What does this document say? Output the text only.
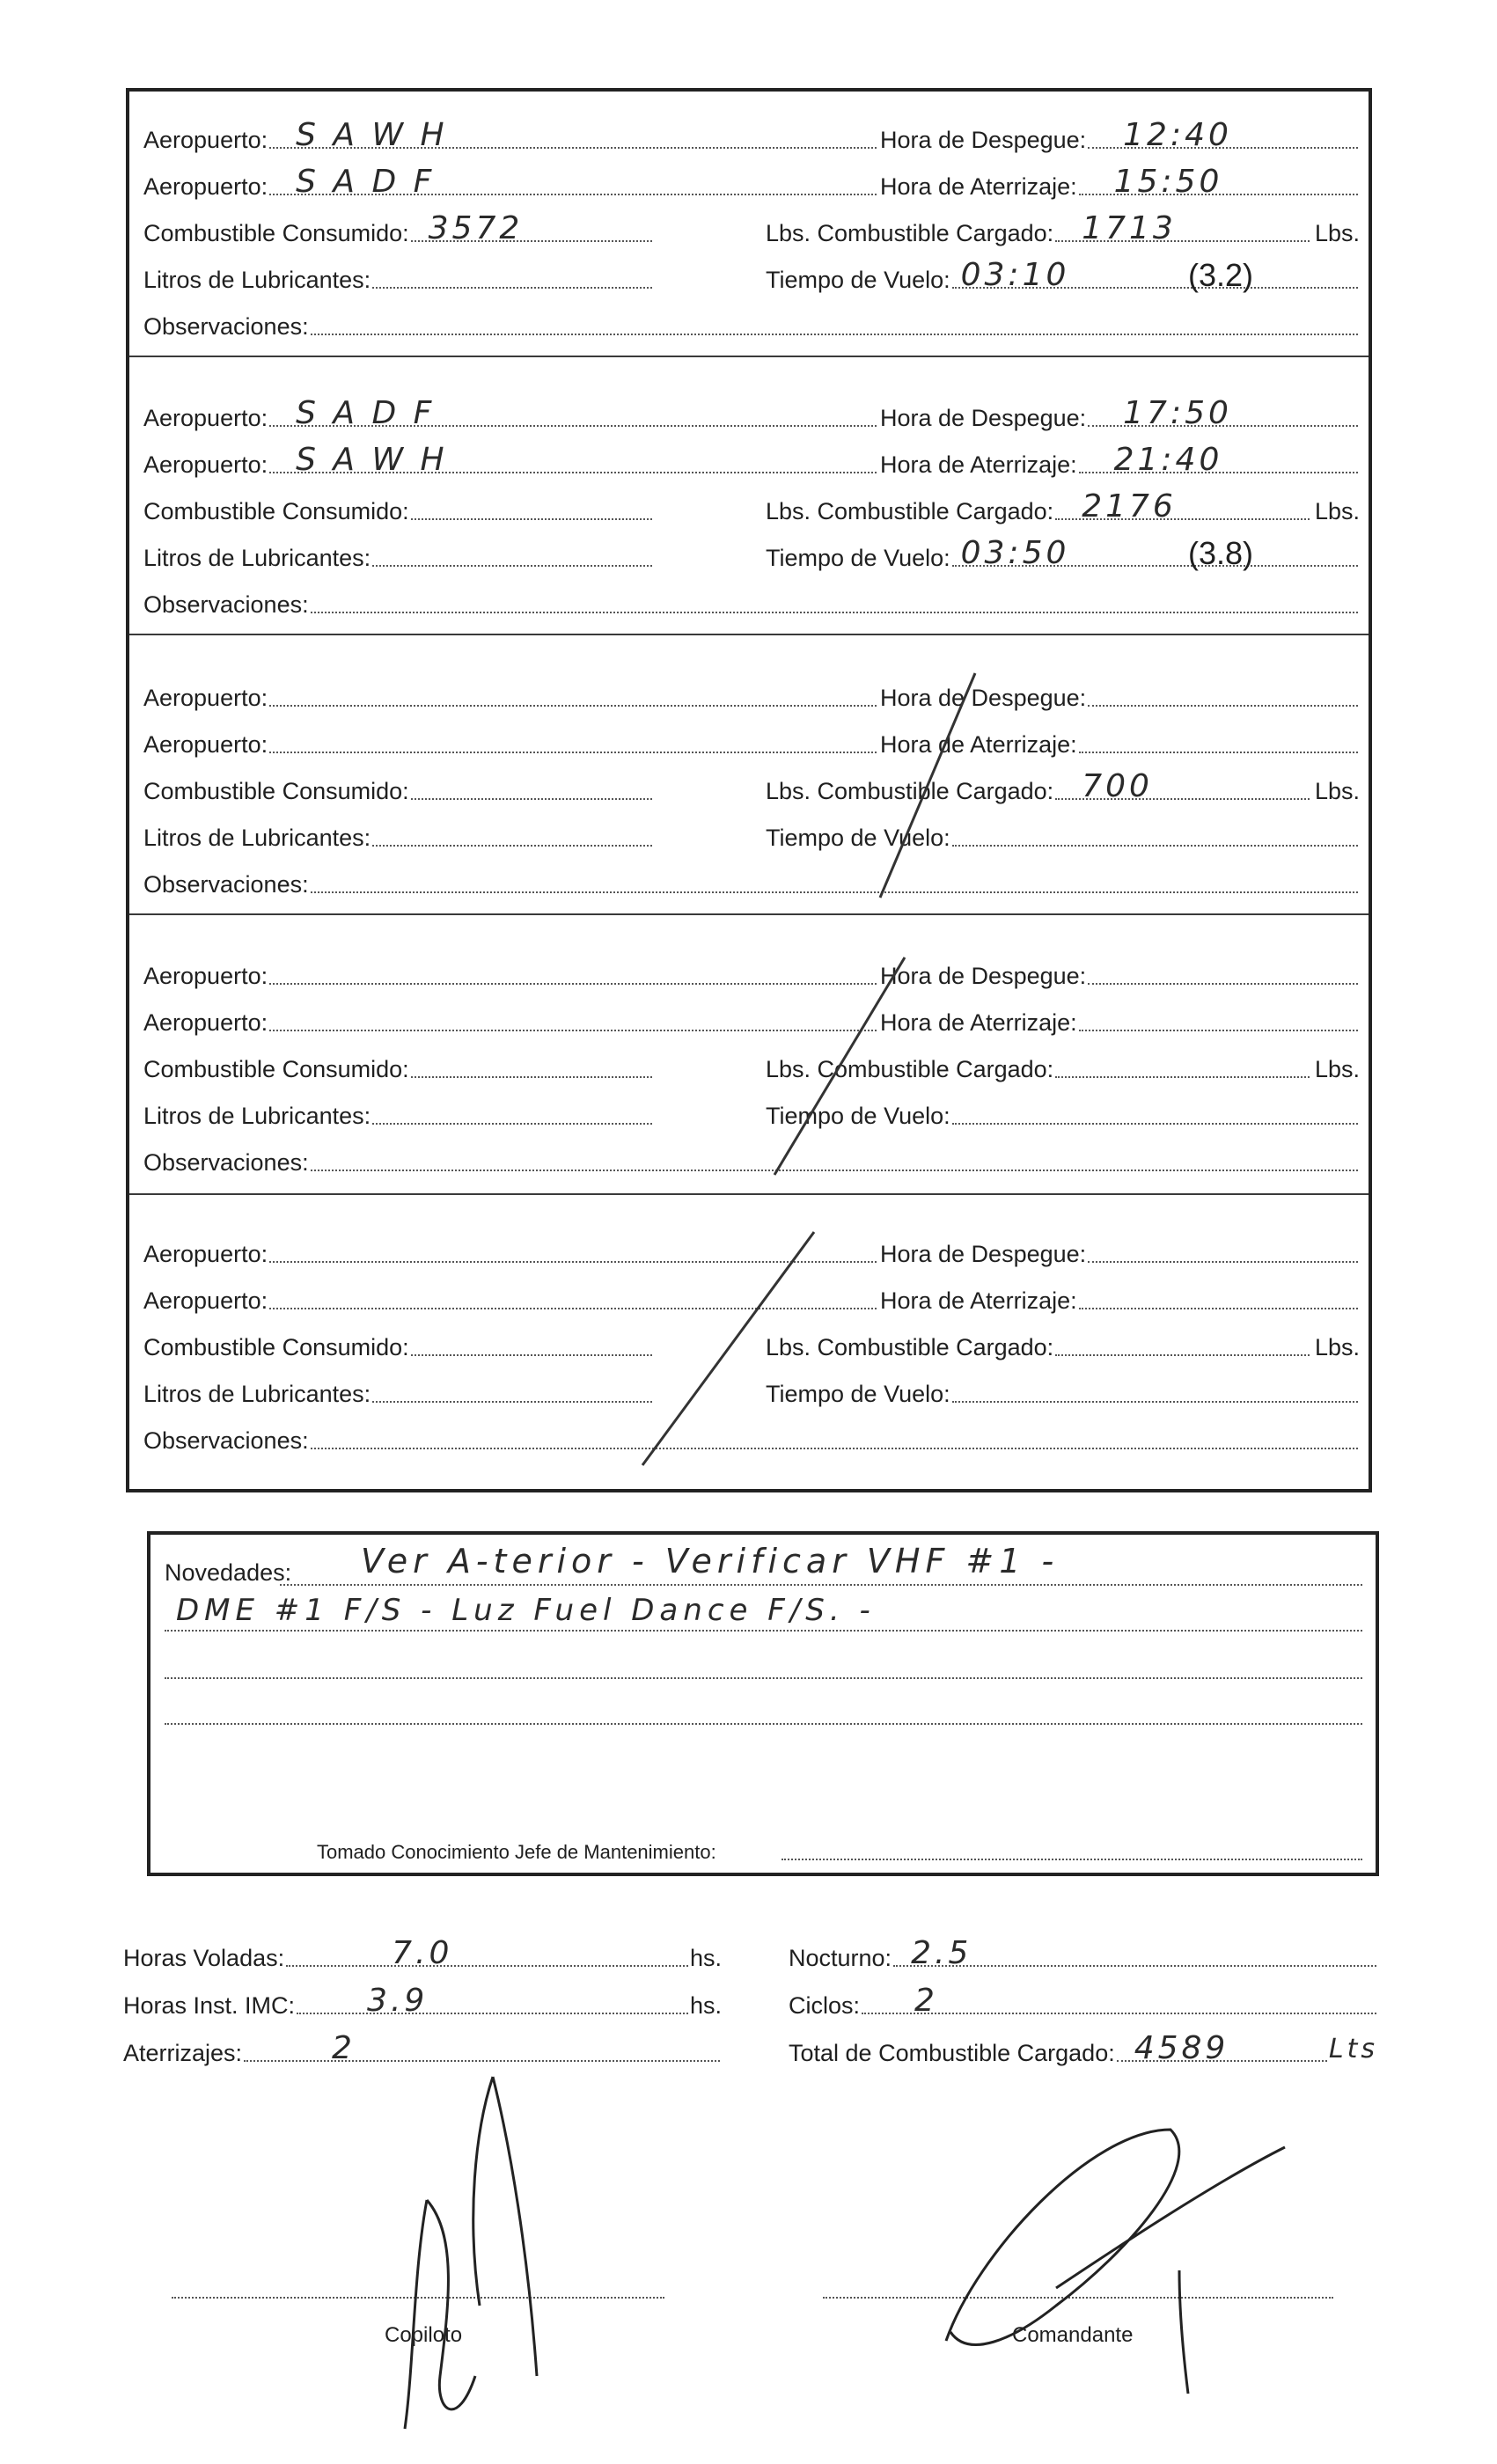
Aeropuerto: S A W H	Hora de Despegue: 12:40
Aeropuerto: S A D F	Hora de Aterrizaje: 15:50
Combustible Consumido: 3572	Lbs. Combustible Cargado: 1713	Lbs.
Litros de Lubricantes:	Tiempo de Vuelo: 03:10	(3.2)
Observaciones:
Aeropuerto: S A D F	Hora de Despegue: 17:50
Aeropuerto: S A W H	Hora de Aterrizaje: 21:40
Combustible Consumido:	Lbs. Combustible Cargado: 2176	Lbs.
Litros de Lubricantes:	Tiempo de Vuelo: 03:50	(3.8)
Observaciones:
Aeropuerto:	Hora de Despegue:
Aeropuerto:	Hora de Aterrizaje:
Combustible Consumido:	Lbs. Combustible Cargado: 700	Lbs.
Litros de Lubricantes:	Tiempo de Vuelo:
Observaciones:
Aeropuerto:	Hora de Despegue:
Aeropuerto:	Hora de Aterrizaje:
Combustible Consumido:	Lbs. Combustible Cargado:	Lbs.
Litros de Lubricantes:	Tiempo de Vuelo:
Observaciones:
Aeropuerto:	Hora de Despegue:
Aeropuerto:	Hora de Aterrizaje:
Combustible Consumido:	Lbs. Combustible Cargado:	Lbs.
Litros de Lubricantes:	Tiempo de Vuelo:
Observaciones:
Novedades: Ver A-terior - Verificar VHF #1 -
DME #1 F/S - Luz Fuel Dance F/S. -
Tomado Conocimiento Jefe de Mantenimiento:
Horas Voladas:	7.0	hs.
Horas Inst. IMC: 3.9	hs.
Aterrizajes:	2
Nocturno: 2.5
Ciclos: 2
Total de Combustible Cargado: 4589	Lts
Copiloto	Comandante
